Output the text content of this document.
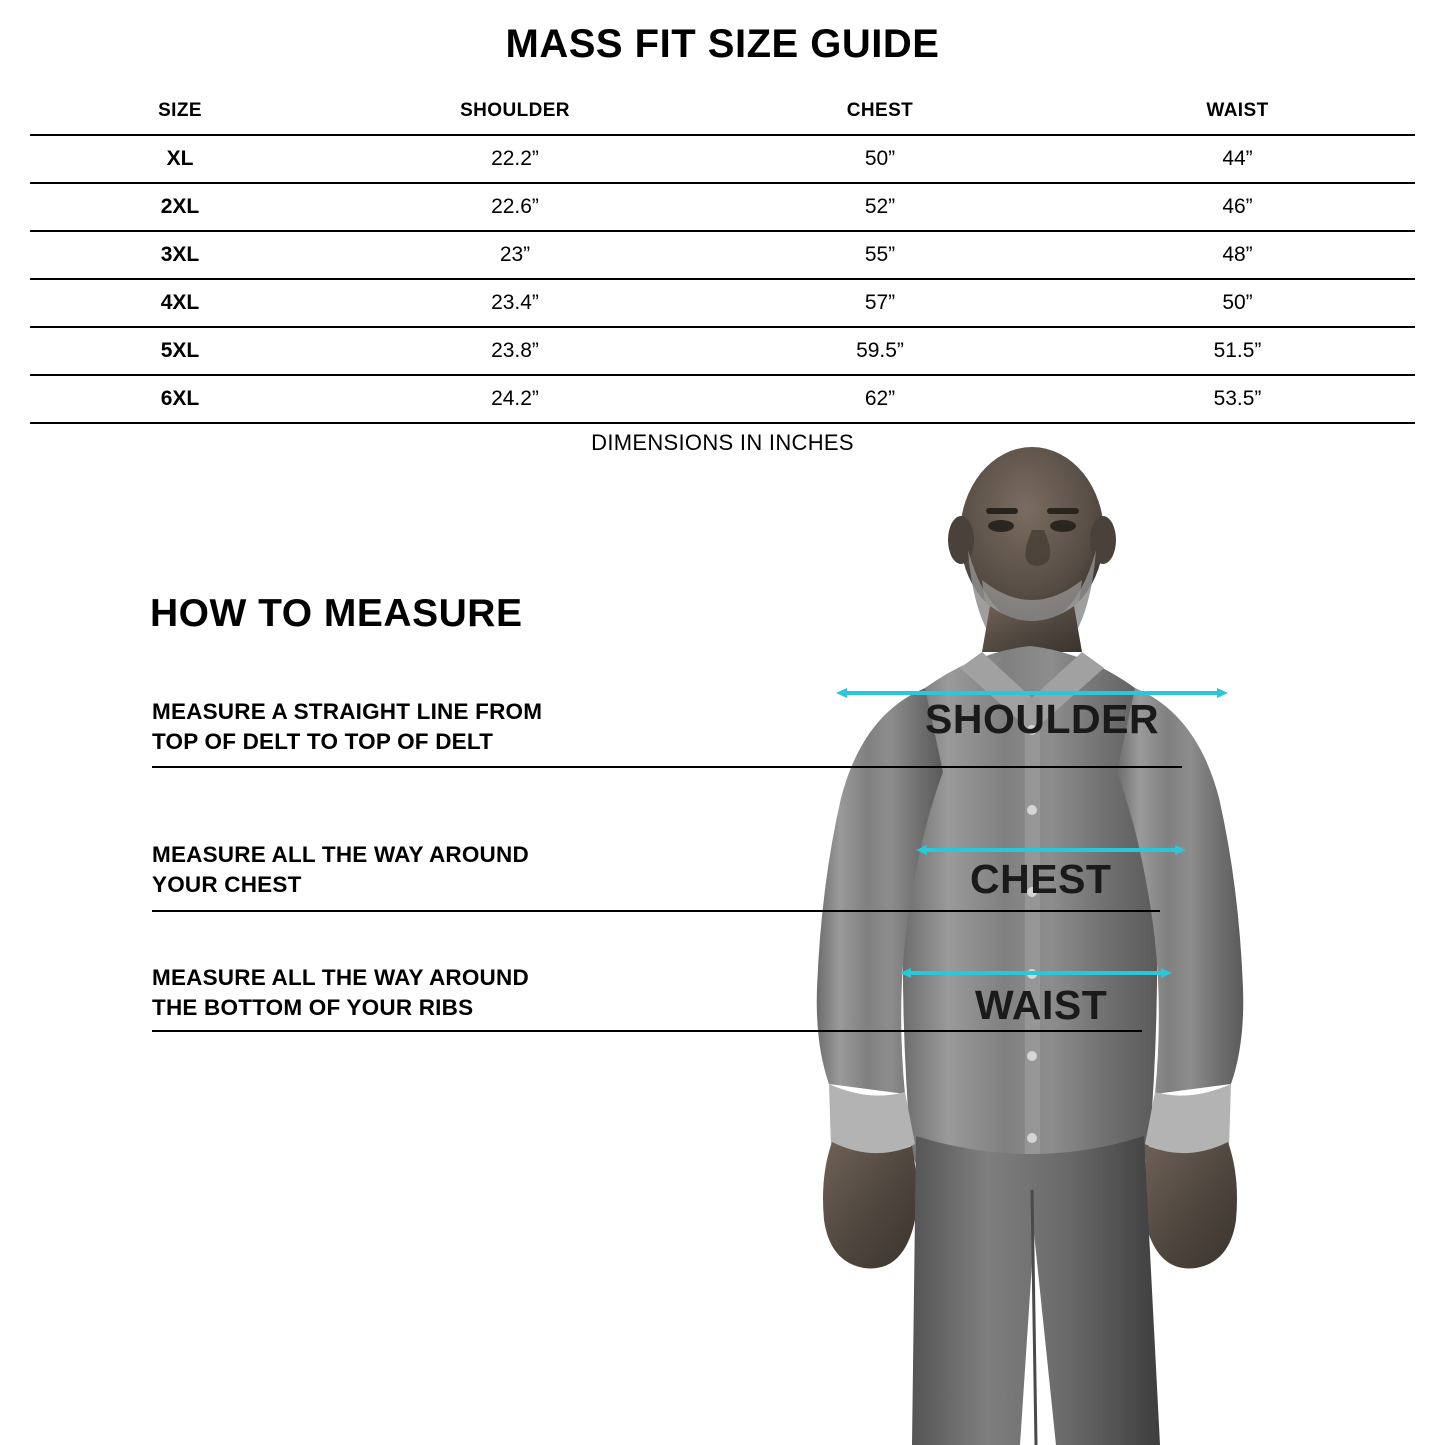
MASS FIT SIZE GUIDE
SIZE	SHOULDER	CHEST	WAIST
XL	22.2”	50”	44”
2XL	22.6”	52”	46”
3XL	23”	55”	48”
4XL	23.4”	57”	50”
5XL	23.8”	59.5”	51.5”
6XL	24.2”	62”	53.5”
DIMENSIONS IN INCHES
HOW TO MEASURE
MEASURE A STRAIGHT LINE FROM
TOP OF DELT TO TOP OF DELT
MEASURE ALL THE WAY AROUND
YOUR CHEST
MEASURE ALL THE WAY AROUND
THE BOTTOM OF YOUR RIBS
SHOULDER
CHEST
WAIST
